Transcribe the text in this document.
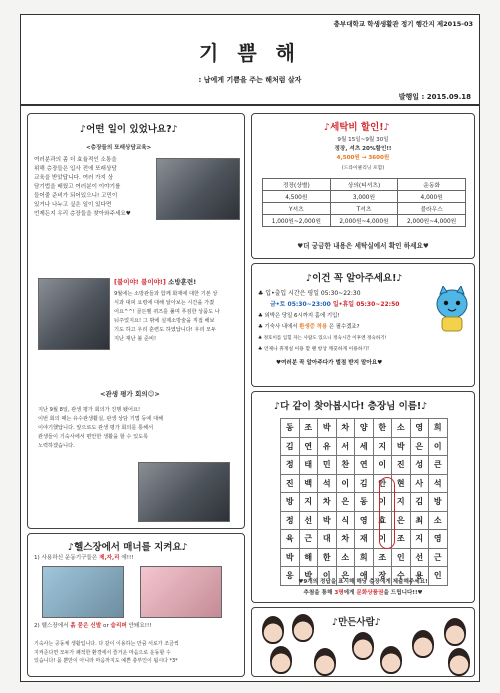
충부대학교 학생생활관 정기 행간지 제2015-03
기 쁨 해
: 남에게 기쁨을 주는 해처럼 살자
발행일 : 2015.09.18
♪어떤 일이 있었나요?♪
<층장들의 또래상담교육>
여러분과의 좀 더 효율적인 소통을
위해 층장들은 입사 전에 또래상담
교육을 받았답니다. 여러 가지 상
담기법을 배웠고 여러분이 이야기를
들어줄 준비가 되어있으니! 고민이
있거나 나누고 싶은 일이 있다면
언제든지 우리 층장들을 찾아와주세요♥
[불이야! 불이야!] 소방훈련!
9월에는 소방관들과 함께 화재에 대한 기본 상
식과 대피 요령에 대해 알아보는 시간을 가졌
어요^^! 골든벨 퀴즈를 풀며 푸짐한 상품도 나
눠주었지요! 그 밖에 실제소방술을 직접 해보
기도 하고 우리 훈련도 하였답니다! 우리 모두
지난 재난 볼 준비!
<관생 평가 회의☺>
지난 9월 8일, 관생 평가 회의가 진행 됐어요!
이번 회의 때는 유수관생활실, 관생 상담 기법 등에 대해
이야기했답니다. 앞으로도 관생 평가 회의를 통해서
관생들이 기숙사에서 편안한 생활을 할 수 있도록
노력하겠습니다.
♪헬스장에서 매너를 지켜요♪
1) 사용하신 운동기구들은 제,자,리 에!!!
2) 헬스장에서 흙 묻은 신발 or 슬리퍼 안돼요!!!
기숙사는 공동체 생활입니다. 다 같이 이용하는 만큼 서로가 조금씩
지켜준다면 모두가 쾌적한 환경에서 즐거운 마음으로 운동할 수
있습니다! 몸 뿐만이 아니라 마음까지도 예쁜 충부인이 됩시다 *3*
♪세탁비 할인!♪
9월 15일~9월 30일
정장, 셔츠 20%할인!!
4,500원 → 3600원
(드라이클리닝 포함)
정장(상별)	상의(티셔츠)	운동화
4,500원	3,000원	4,000원
Y셔츠	T셔츠	블라우스
1,000원~2,000원	2,000원~4,000원	2,000원~4,000원
♥더 궁금한 내용은 세탁실에서 확인 하세요♥
♪이건 꼭 알아주세요!♪
♣ 입•출입 시간은 평일 05:30~22:30
금•토 05:30~23:00 일•휴일 05:30~22:50
♣ 외박은 당일 6시까지 홈에 기입!
♣ 기숙사 내에서 환생증 착용 은 필수겠죠?
♣ 정호이를 입힐 자는 사람도 있으니 정숙시간 이후엔 정숙하기!
♣ 언제나 휴게실 이용 할 땐 항상 깨끗하게 이용하기!
♥여러분 꼭 알아주다가 벌점 받지 말아요♥
♪다 같이 찾아봅시다! 층장님 이름!♪
동	조	박	차	양	한	소	영	희
김	연	유	서	세	지	박	은	이
정	태	민	찬	연	이	진	성	큰
진	백	석	이	김	안	현	사	석
방	지	차	은	동	이	지	김	방
정	선	박	식	영	효	은	최	소
육	근	대	차	재	이	조	지	영
박	해	한	소	희	조	인	선	근
응	박	이	은	애	장	수	용	인
♥9개의 정답을 표시해 해당 층장에게 제출해주세요!
추첨을 통해 3명에게 문화상품권을 드립니다!!♥
♪만든사람♪
